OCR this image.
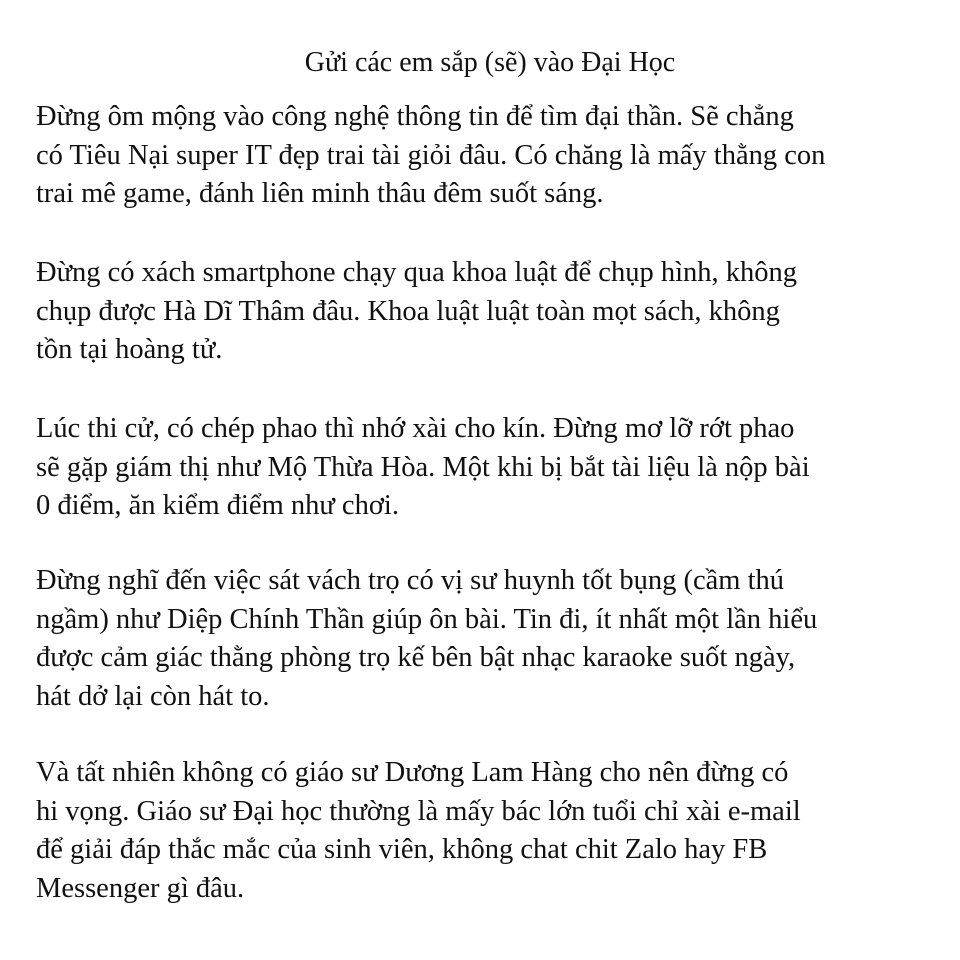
Gửi các em sắp (sẽ) vào Đại Học

Đừng ôm mộng vào công nghệ thông tin để tìm đại thần. Sẽ chẳng
có Tiêu Nại super IT đẹp trai tài giỏi đâu. Có chăng là mấy thằng con
trai mê game, đánh liên minh thâu đêm suốt sáng.

Đừng có xách smartphone chạy qua khoa luật để chụp hình, không
chụp được Hà Dĩ Thâm đâu. Khoa luật luật toàn mọt sách, không
tồn tại hoàng tử.

Lúc thi cử, có chép phao thì nhớ xài cho kín. Đừng mơ lỡ rớt phao
sẽ gặp giám thị như Mộ Thừa Hòa. Một khi bị bắt tài liệu là nộp bài
0 điểm, ăn kiểm điểm như chơi.

Đừng nghĩ đến việc sát vách trọ có vị sư huynh tốt bụng (cầm thú
ngầm) như Diệp Chính Thần giúp ôn bài. Tin đi, ít nhất một lần hiểu
được cảm giác thằng phòng trọ kế bên bật nhạc karaoke suốt ngày,
hát dở lại còn hát to.

Và tất nhiên không có giáo sư Dương Lam Hàng cho nên đừng có
hi vọng. Giáo sư Đại học thường là mấy bác lớn tuổi chỉ xài e-mail
để giải đáp thắc mắc của sinh viên, không chat chit Zalo hay FB
Messenger gì đâu.
